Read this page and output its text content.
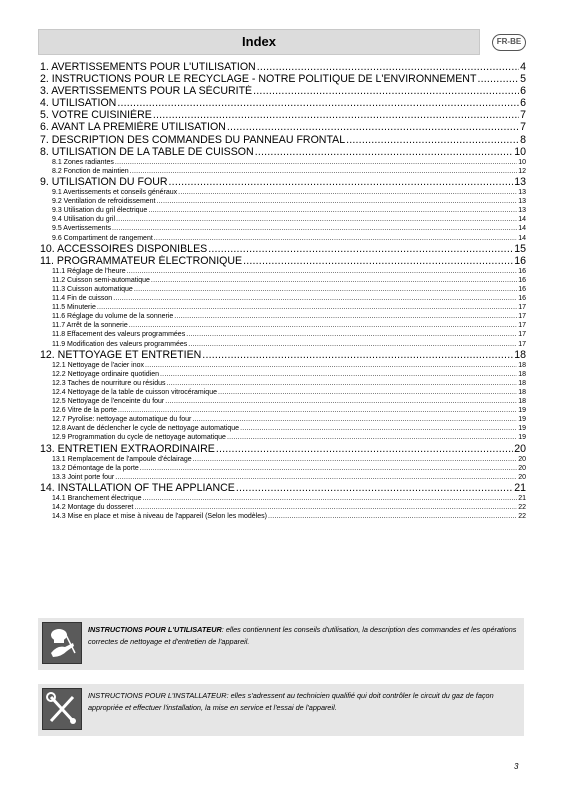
Index	FR-BE
1. AVERTISSEMENTS POUR L'UTILISATION .....	4
2. INSTRUCTIONS POUR LE RECYCLAGE - NOTRE POLITIQUE DE L'ENVIRONNEMENT .....	5
3. AVERTISSEMENTS POUR LA SÉCURITÉ .....	6
4. UTILISATION .....	6
5. VOTRE CUISINIÈRE .....	7
6. AVANT LA PREMIÈRE UTILISATION .....	7
7. DESCRIPTION DES COMMANDES DU PANNEAU FRONTAL .....	8
8. UTILISATION DE LA TABLE DE CUISSON .....	10
8.1 Zones radiantes .....	10
8.2 Fonction de maintien .....	12
9. UTILISATION DU FOUR .....	13
9.1 Avertissements et conseils généraux .....	13
9.2 Ventilation de refroidissement .....	13
9.3 Utilisation du gril électrique .....	13
9.4 Utilisation du gril .....	14
9.5 Avertissements .....	14
9.6 Compartiment de rangement .....	14
10. ACCESSOIRES DISPONIBLES .....	15
11. PROGRAMMATEUR ÉLECTRONIQUE .....	16
11.1 Réglage de l'heure .....	16
11.2 Cuisson semi-automatique .....	16
11.3 Cuisson automatique .....	16
11.4 Fin de cuisson .....	16
11.5 Minuterie .....	17
11.6 Réglage du volume de la sonnerie .....	17
11.7 Arrêt de la sonnerie .....	17
11.8 Effacement des valeurs programmées .....	17
11.9 Modification des valeurs programmées .....	17
12. NETTOYAGE ET ENTRETIEN .....	18
12.1 Nettoyage de l'acier inox .....	18
12.2 Nettoyage ordinaire quotidien .....	18
12.3 Taches de nourriture ou résidus .....	18
12.4 Nettoyage de la table de cuisson vitrocéramique .....	18
12.5 Nettoyage de l'enceinte du four .....	18
12.6 Vitre de la porte .....	19
12.7 Pyrolise: nettoyage automatique du four .....	19
12.8 Avant de déclencher le cycle de nettoyage automatique .....	19
12.9 Programmation du cycle de nettoyage automatique .....	19
13. ENTRETIEN EXTRAORDINAIRE .....	20
13.1 Remplacement de l'ampoule d'éclairage .....	20
13.2 Démontage de la porte .....	20
13.3 Joint porte four .....	20
14. INSTALLATION OF THE APPLIANCE .....	21
14.1 Branchement électrique .....	21
14.2 Montage du dosseret .....	22
14.3 Mise en place et mise à niveau de l'appareil (Selon les modèles) .....	22
INSTRUCTIONS POUR L'UTILISATEUR: elles contiennent les conseils d'utilisation, la description des commandes et les opérations correctes de nettoyage et d'entretien de l'appareil.
INSTRUCTIONS POUR L'INSTALLATEUR: elles s'adressent au technicien qualifié qui doit contrôler le circuit du gaz de façon appropriée et effectuer l'installation, la mise en service et l'essai de l'appareil.
3
